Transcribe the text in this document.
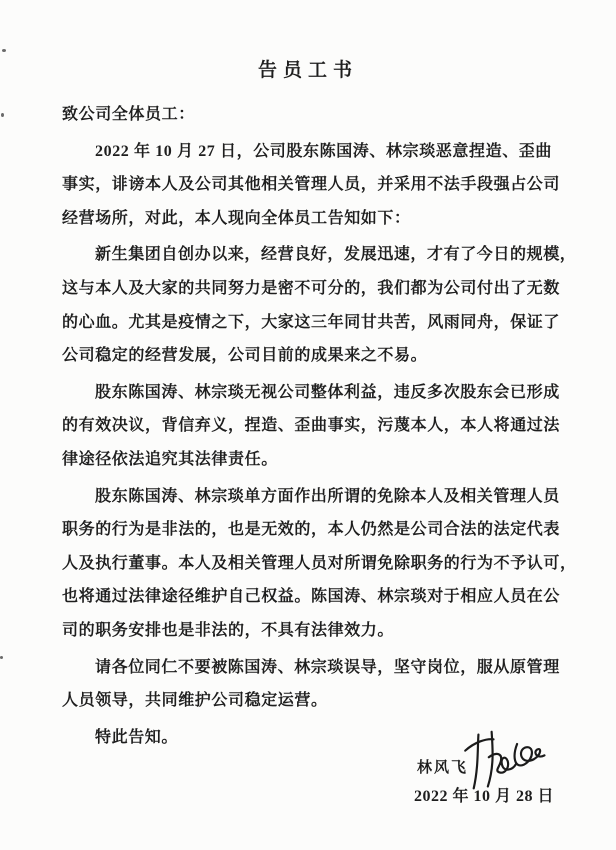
告员工书
致公司全体员工：
2022 年 10 月 27 日，公司股东陈国涛、林宗琰恶意捏造、歪曲
事实，诽谤本人及公司其他相关管理人员，并采用不法手段强占公司
经营场所，对此，本人现向全体员工告知如下：
新生集团自创办以来，经营良好，发展迅速，才有了今日的规模，
这与本人及大家的共同努力是密不可分的，我们都为公司付出了无数
的心血。尤其是疫情之下，大家这三年同甘共苦，风雨同舟，保证了
公司稳定的经营发展，公司目前的成果来之不易。
股东陈国涛、林宗琰无视公司整体利益，违反多次股东会已形成
的有效决议，背信弃义，捏造、歪曲事实，污蔑本人，本人将通过法
律途径依法追究其法律责任。
股东陈国涛、林宗琰单方面作出所谓的免除本人及相关管理人员
职务的行为是非法的，也是无效的，本人仍然是公司合法的法定代表
人及执行董事。本人及相关管理人员对所谓免除职务的行为不予认可，
也将通过法律途径维护自己权益。陈国涛、林宗琰对于相应人员在公
司的职务安排也是非法的，不具有法律效力。
请各位同仁不要被陈国涛、林宗琰误导，坚守岗位，服从原管理
人员领导，共同维护公司稳定运营。
特此告知。
林风飞
2022 年 10 月 28 日
